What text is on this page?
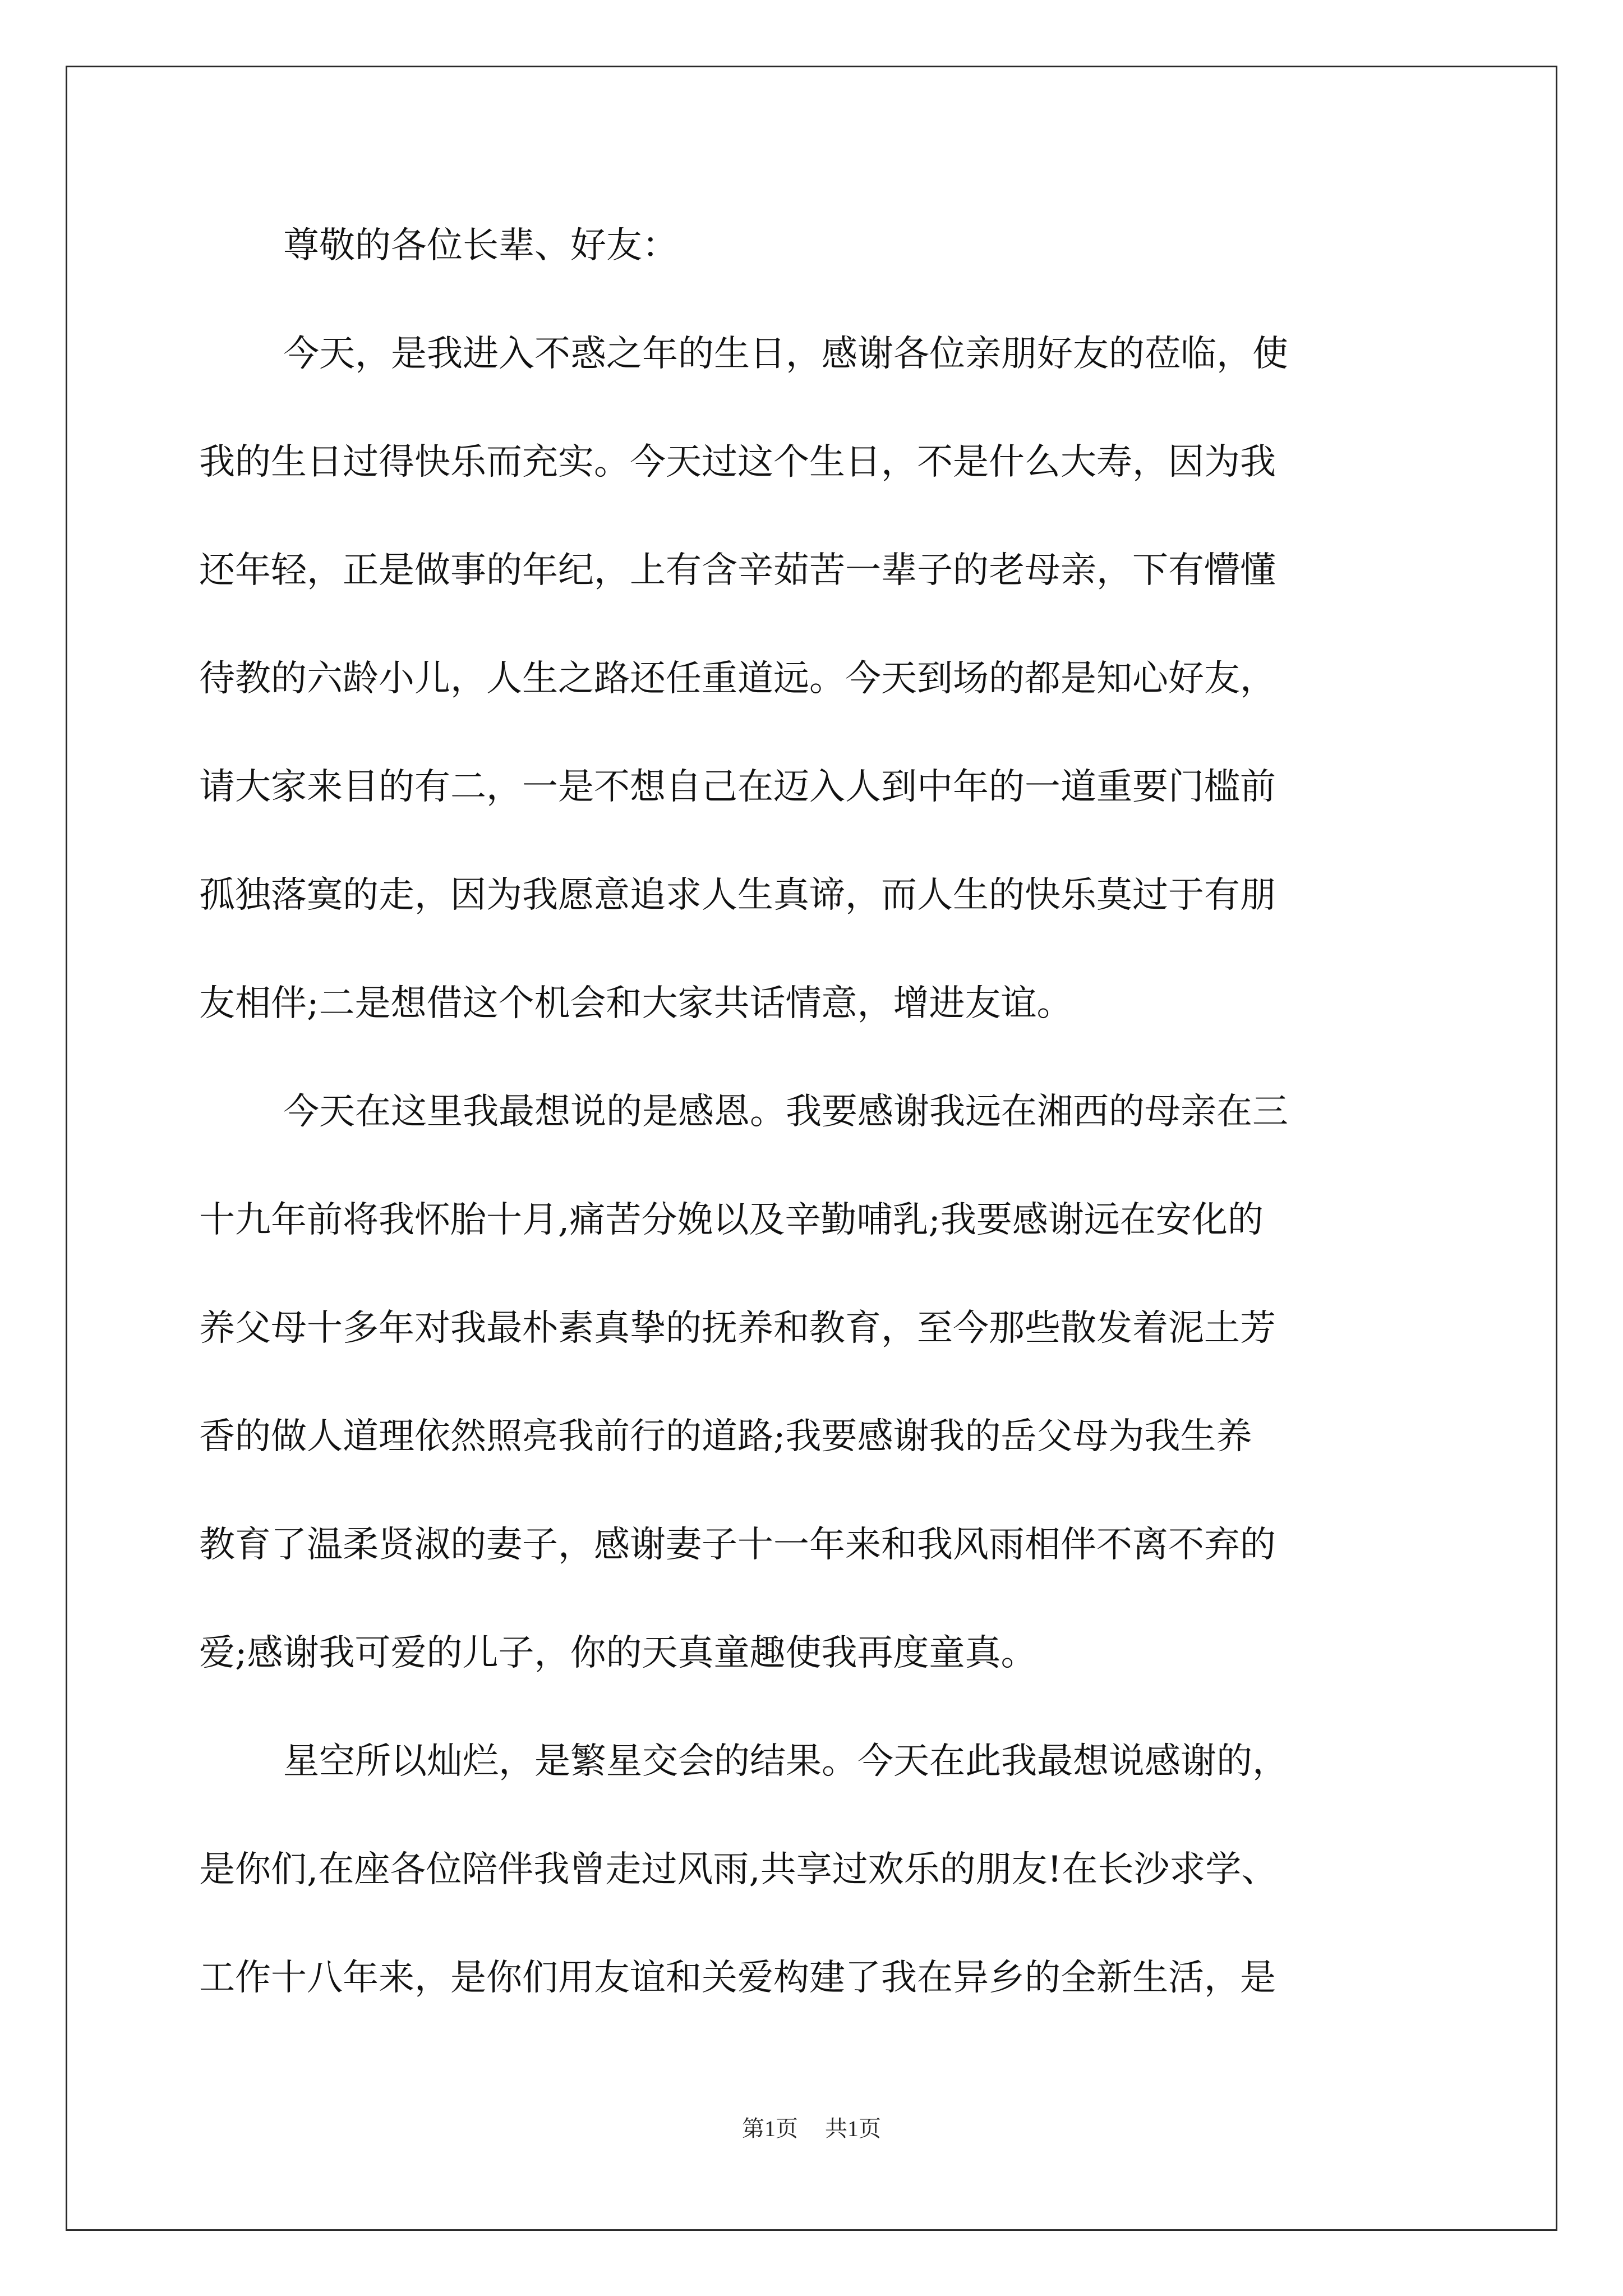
尊敬的各位长辈、好友：
今天，是我进入不惑之年的生日，感谢各位亲朋好友的莅临，使
我的生日过得快乐而充实。今天过这个生日，不是什么大寿，因为我
还年轻，正是做事的年纪，上有含辛茹苦一辈子的老母亲，下有懵懂
待教的六龄小儿，人生之路还任重道远。今天到场的都是知心好友，
请大家来目的有二，一是不想自己在迈入人到中年的一道重要门槛前
孤独落寞的走，因为我愿意追求人生真谛，而人生的快乐莫过于有朋
友相伴;二是想借这个机会和大家共话情意，增进友谊。
今天在这里我最想说的是感恩。我要感谢我远在湘西的母亲在三
十九年前将我怀胎十月,痛苦分娩以及辛勤哺乳;我要感谢远在安化的
养父母十多年对我最朴素真挚的抚养和教育，至今那些散发着泥土芳
香的做人道理依然照亮我前行的道路;我要感谢我的岳父母为我生养
教育了温柔贤淑的妻子，感谢妻子十一年来和我风雨相伴不离不弃的
爱;感谢我可爱的儿子，你的天真童趣使我再度童真。
星空所以灿烂，是繁星交会的结果。今天在此我最想说感谢的，
是你们,在座各位陪伴我曾走过风雨,共享过欢乐的朋友!在长沙求学、
工作十八年来，是你们用友谊和关爱构建了我在异乡的全新生活，是
第1页 共1页
